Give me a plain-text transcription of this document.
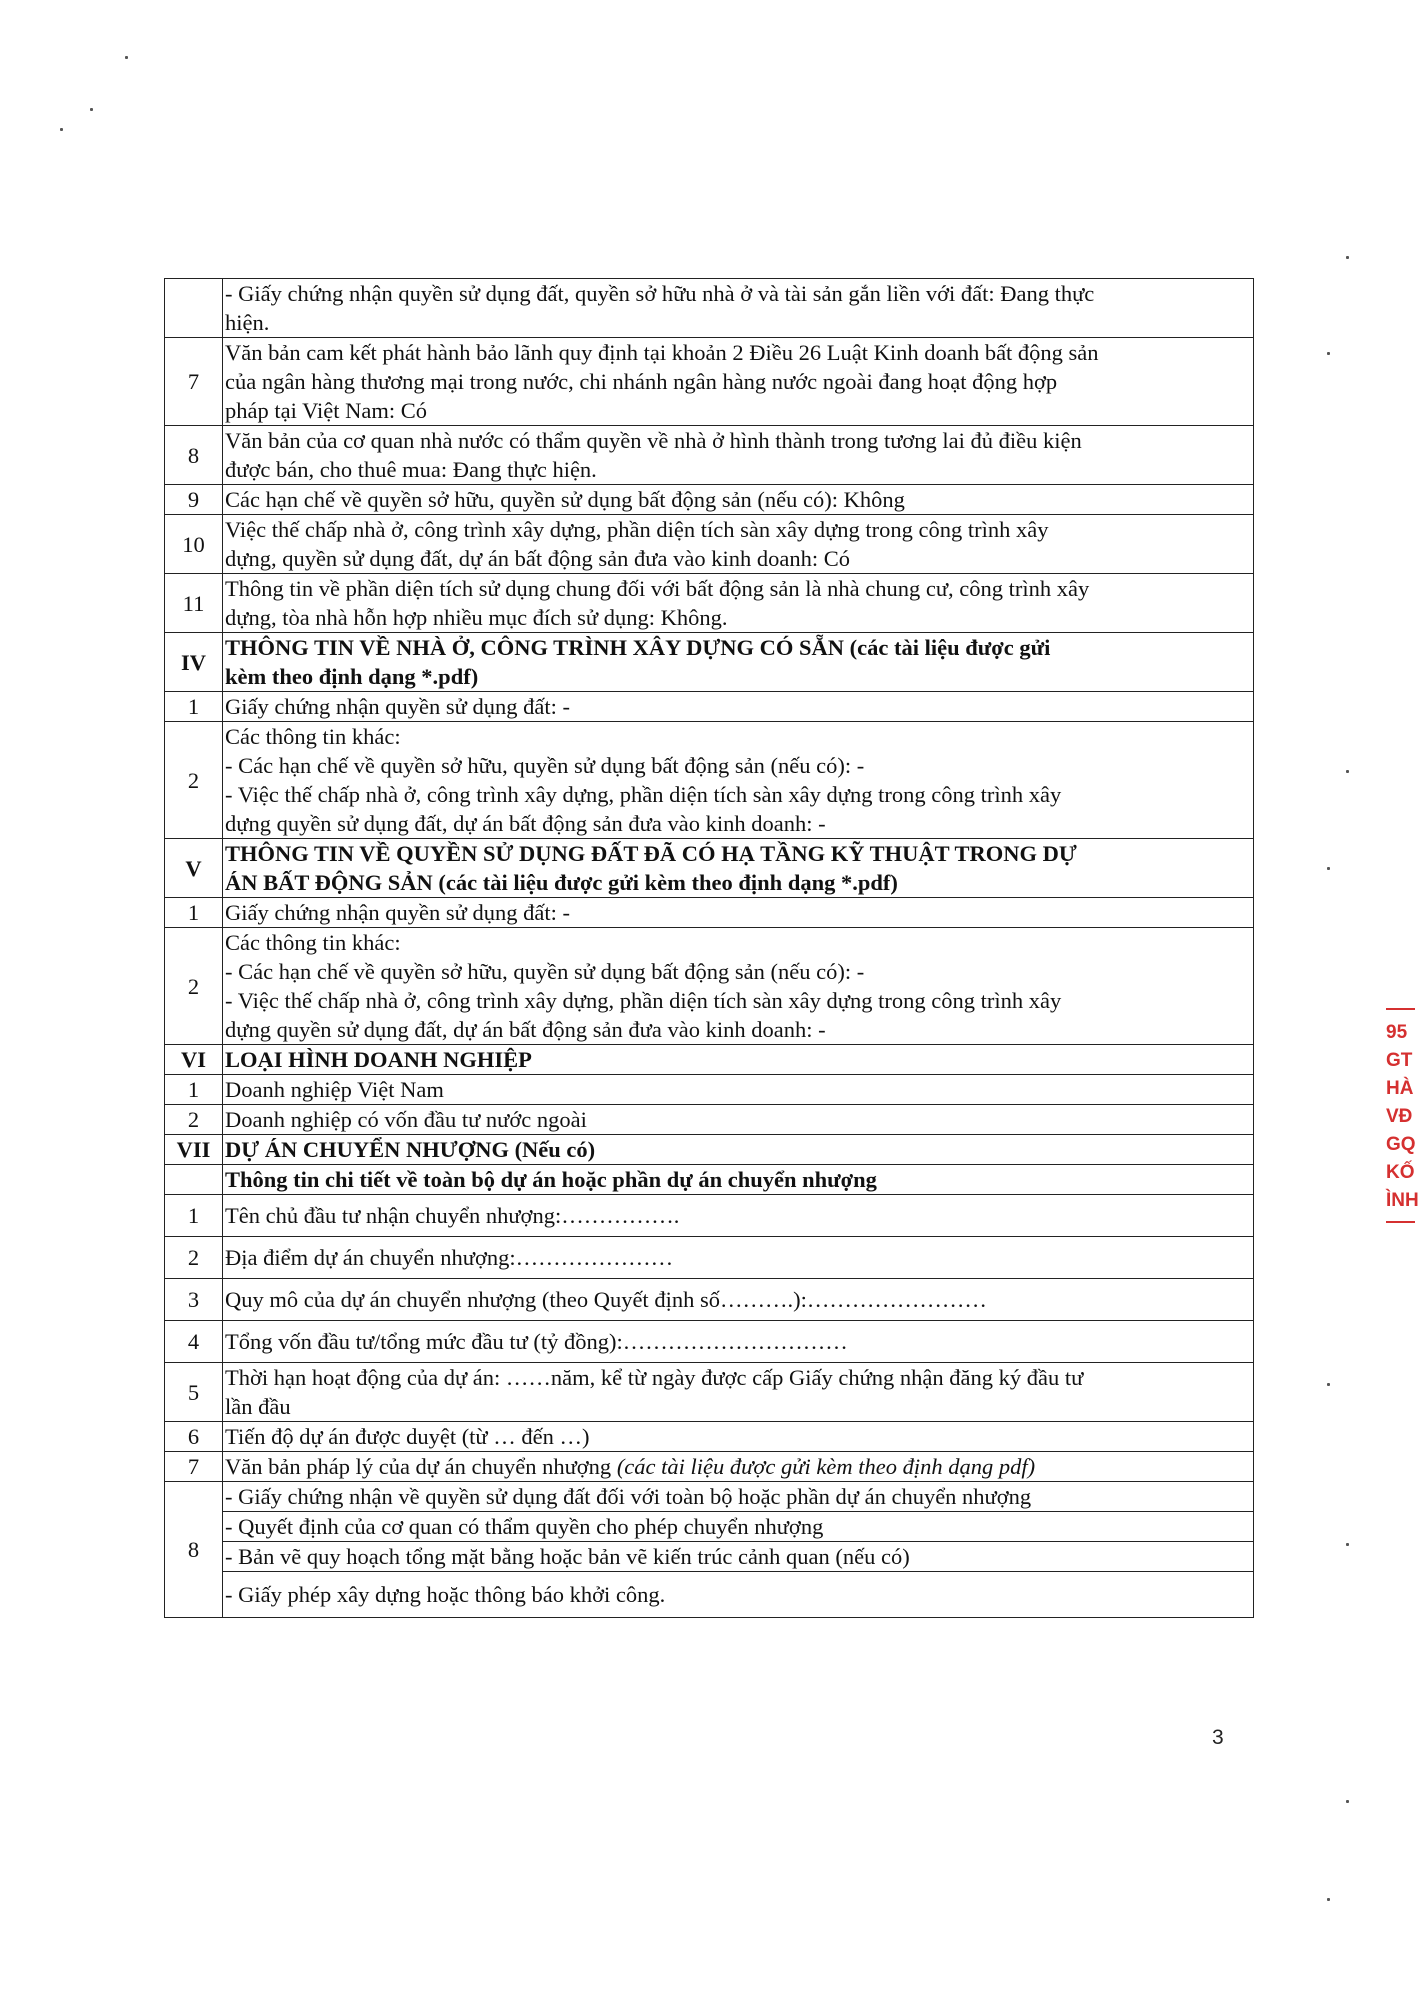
	- Giấy chứng nhận quyền sử dụng đất, quyền sở hữu nhà ở và tài sản gắn liền với đất: Đang thực
hiện.

7	Văn bản cam kết phát hành bảo lãnh quy định tại khoản 2 Điều 26 Luật Kinh doanh bất động sản
của ngân hàng thương mại trong nước, chi nhánh ngân hàng nước ngoài đang hoạt động hợp
pháp tại Việt Nam: Có

8	Văn bản của cơ quan nhà nước có thẩm quyền về nhà ở hình thành trong tương lai đủ điều kiện
được bán, cho thuê mua: Đang thực hiện.

9	Các hạn chế về quyền sở hữu, quyền sử dụng bất động sản (nếu có): Không

10	Việc thế chấp nhà ở, công trình xây dựng, phần diện tích sàn xây dựng trong công trình xây
dựng, quyền sử dụng đất, dự án bất động sản đưa vào kinh doanh: Có

11	Thông tin về phần diện tích sử dụng chung đối với bất động sản là nhà chung cư, công trình xây
dựng, tòa nhà hỗn hợp nhiều mục đích sử dụng: Không.

IV	THÔNG TIN VỀ NHÀ Ở, CÔNG TRÌNH XÂY DỰNG CÓ SẴN (các tài liệu được gửi
kèm theo định dạng *.pdf)

1	Giấy chứng nhận quyền sử dụng đất: -

2	Các thông tin khác:
- Các hạn chế về quyền sở hữu, quyền sử dụng bất động sản (nếu có): -
- Việc thế chấp nhà ở, công trình xây dựng, phần diện tích sàn xây dựng trong công trình xây
dựng quyền sử dụng đất, dự án bất động sản đưa vào kinh doanh: -

V	THÔNG TIN VỀ QUYỀN SỬ DỤNG ĐẤT ĐÃ CÓ HẠ TẦNG KỸ THUẬT TRONG DỰ
ÁN BẤT ĐỘNG SẢN (các tài liệu được gửi kèm theo định dạng *.pdf)

1	Giấy chứng nhận quyền sử dụng đất: -

2	Các thông tin khác:
- Các hạn chế về quyền sở hữu, quyền sử dụng bất động sản (nếu có): -
- Việc thế chấp nhà ở, công trình xây dựng, phần diện tích sàn xây dựng trong công trình xây
dựng quyền sử dụng đất, dự án bất động sản đưa vào kinh doanh: -

VI	LOẠI HÌNH DOANH NGHIỆP

1	Doanh nghiệp Việt Nam

2	Doanh nghiệp có vốn đầu tư nước ngoài

VII	DỰ ÁN CHUYỂN NHƯỢNG (Nếu có)

	Thông tin chi tiết về toàn bộ dự án hoặc phần dự án chuyển nhượng

1	Tên chủ đầu tư nhận chuyển nhượng:…………….

2	Địa điểm dự án chuyển nhượng:…………………

3	Quy mô của dự án chuyển nhượng (theo Quyết định số……….):……………………

4	Tổng vốn đầu tư/tổng mức đầu tư (tỷ đồng):…………………………

5	Thời hạn hoạt động của dự án: ……năm, kể từ ngày được cấp Giấy chứng nhận đăng ký đầu tư
lần đầu

6	Tiến độ dự án được duyệt (từ … đến …)

7	Văn bản pháp lý của dự án chuyển nhượng (các tài liệu được gửi kèm theo định dạng pdf)
8	- Giấy chứng nhận về quyền sử dụng đất đối với toàn bộ hoặc phần dự án chuyển nhượng

	- Quyết định của cơ quan có thẩm quyền cho phép chuyển nhượng

	- Bản vẽ quy hoạch tổng mặt bằng hoặc bản vẽ kiến trúc cảnh quan (nếu có)

	- Giấy phép xây dựng hoặc thông báo khởi công.
3
95 GT HÀ VĐ GQ KỐ ÌNH
